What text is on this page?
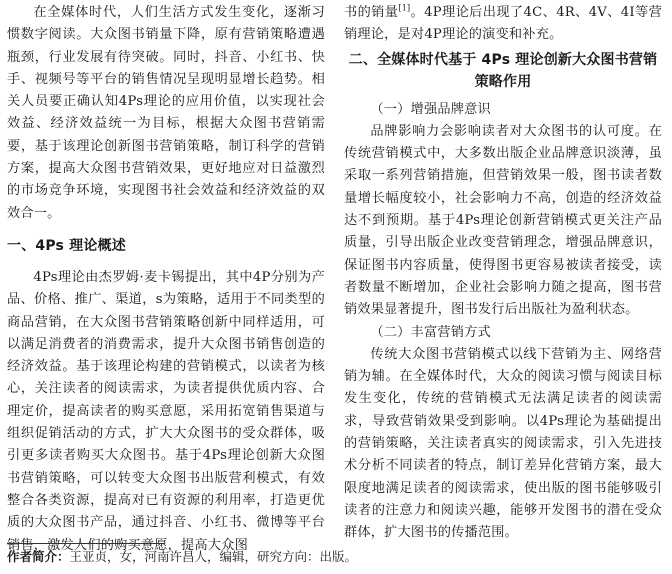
在全媒体时代，人们生活方式发生变化，逐渐习惯数字阅读。大众图书销量下降，原有营销策略遭遇瓶颈，行业发展有待突破。同时，抖音、小红书、快手、视频号等平台的销售情况呈现明显增长趋势。相关人员要正确认知4Ps理论的应用价值，以实现社会效益、经济效益统一为目标，根据大众图书营销需要，基于该理论创新图书营销策略，制订科学的营销方案，提高大众图书营销效果，更好地应对日益激烈的市场竞争环境，实现图书社会效益和经济效益的双效合一。

一、4Ps 理论概述

4Ps理论由杰罗姆·麦卡锡提出，其中4P分别为产品、价格、推广、渠道，s为策略，适用于不同类型的商品营销，在大众图书营销策略创新中同样适用，可以满足消费者的消费需求，提升大众图书销售创造的经济效益。基于该理论构建的营销模式，以读者为核心，关注读者的阅读需求，为读者提供优质内容、合理定价，提高读者的购买意愿，采用拓宽销售渠道与组织促销活动的方式，扩大大众图书的受众群体，吸引更多读者购买大众图书。基于4Ps理论创新大众图书营销策略，可以转变大众图书出版营利模式，有效整合各类资源，提高对已有资源的利用率，打造更优质的大众图书产品，通过抖音、小红书、微博等平台销售，激发人们的购买意愿，提高大众图

书的销量[1]。4P理论后出现了4C、4R、4V、4I等营销理论，是对4P理论的演变和补充。

二、全媒体时代基于 4Ps 理论创新大众图书营销策略作用
（一）增强品牌意识

品牌影响力会影响读者对大众图书的认可度。在传统营销模式中，大多数出版企业品牌意识淡薄，虽采取一系列营销措施，但营销效果一般，图书读者数量增长幅度较小，社会影响力不高，创造的经济效益达不到预期。基于4Ps理论创新营销模式更关注产品质量，引导出版企业改变营销理念，增强品牌意识，保证图书内容质量，使得图书更容易被读者接受，读者数量不断增加，企业社会影响力随之提高，图书营销效果显著提升，图书发行后出版社为盈利状态。

（二）丰富营销方式

传统大众图书营销模式以线下营销为主、网络营销为辅。在全媒体时代，大众的阅读习惯与阅读目标发生变化，传统的营销模式无法满足读者的阅读需求，导致营销效果受到影响。以4Ps理论为基础提出的营销策略，关注读者真实的阅读需求，引入先进技术分析不同读者的特点，制订差异化营销方案，最大限度地满足读者的阅读需求，使出版的图书能够吸引读者的注意力和阅读兴趣，能够开发图书的潜在受众群体，扩大图书的传播范围。

作者简介：王亚贞，女，河南许昌人，编辑，研究方向：出版。
